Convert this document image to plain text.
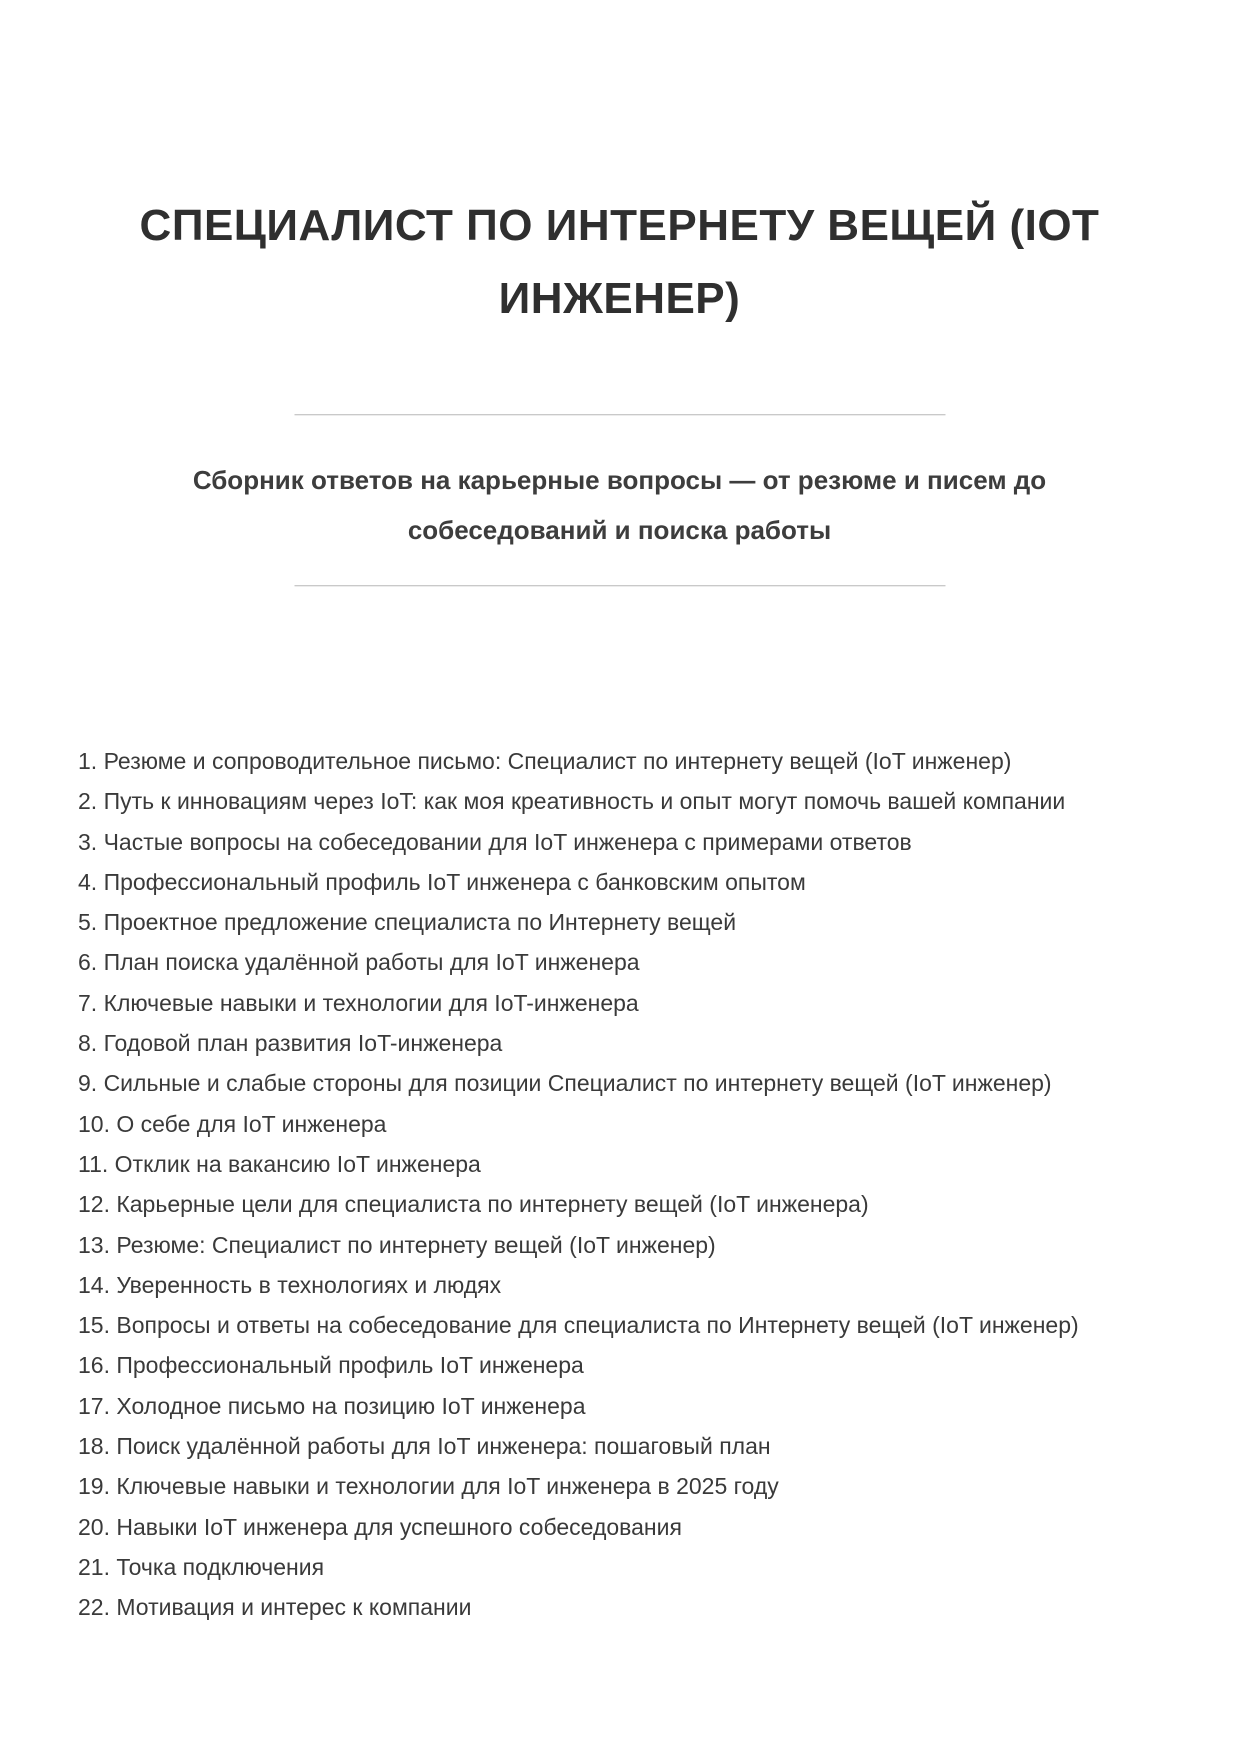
СПЕЦИАЛИСТ ПО ИНТЕРНЕТУ ВЕЩЕЙ (IOT ИНЖЕНЕР)
Сборник ответов на карьерные вопросы — от резюме и писем до собеседований и поиска работы
1. Резюме и сопроводительное письмо: Специалист по интернету вещей (IoT инженер)
2. Путь к инновациям через IoT: как моя креативность и опыт могут помочь вашей компании
3. Частые вопросы на собеседовании для IoT инженера с примерами ответов
4. Профессиональный профиль IoT инженера с банковским опытом
5. Проектное предложение специалиста по Интернету вещей
6. План поиска удалённой работы для IoT инженера
7. Ключевые навыки и технологии для IoT-инженера
8. Годовой план развития IoT-инженера
9. Сильные и слабые стороны для позиции Специалист по интернету вещей (IoT инженер)
10. О себе для IoT инженера
11. Отклик на вакансию IoT инженера
12. Карьерные цели для специалиста по интернету вещей (IoT инженера)
13. Резюме: Специалист по интернету вещей (IoT инженер)
14. Уверенность в технологиях и людях
15. Вопросы и ответы на собеседование для специалиста по Интернету вещей (IoT инженер)
16. Профессиональный профиль IoT инженера
17. Холодное письмо на позицию IoT инженера
18. Поиск удалённой работы для IoT инженера: пошаговый план
19. Ключевые навыки и технологии для IoT инженера в 2025 году
20. Навыки IoT инженера для успешного собеседования
21. Точка подключения
22. Мотивация и интерес к компании
